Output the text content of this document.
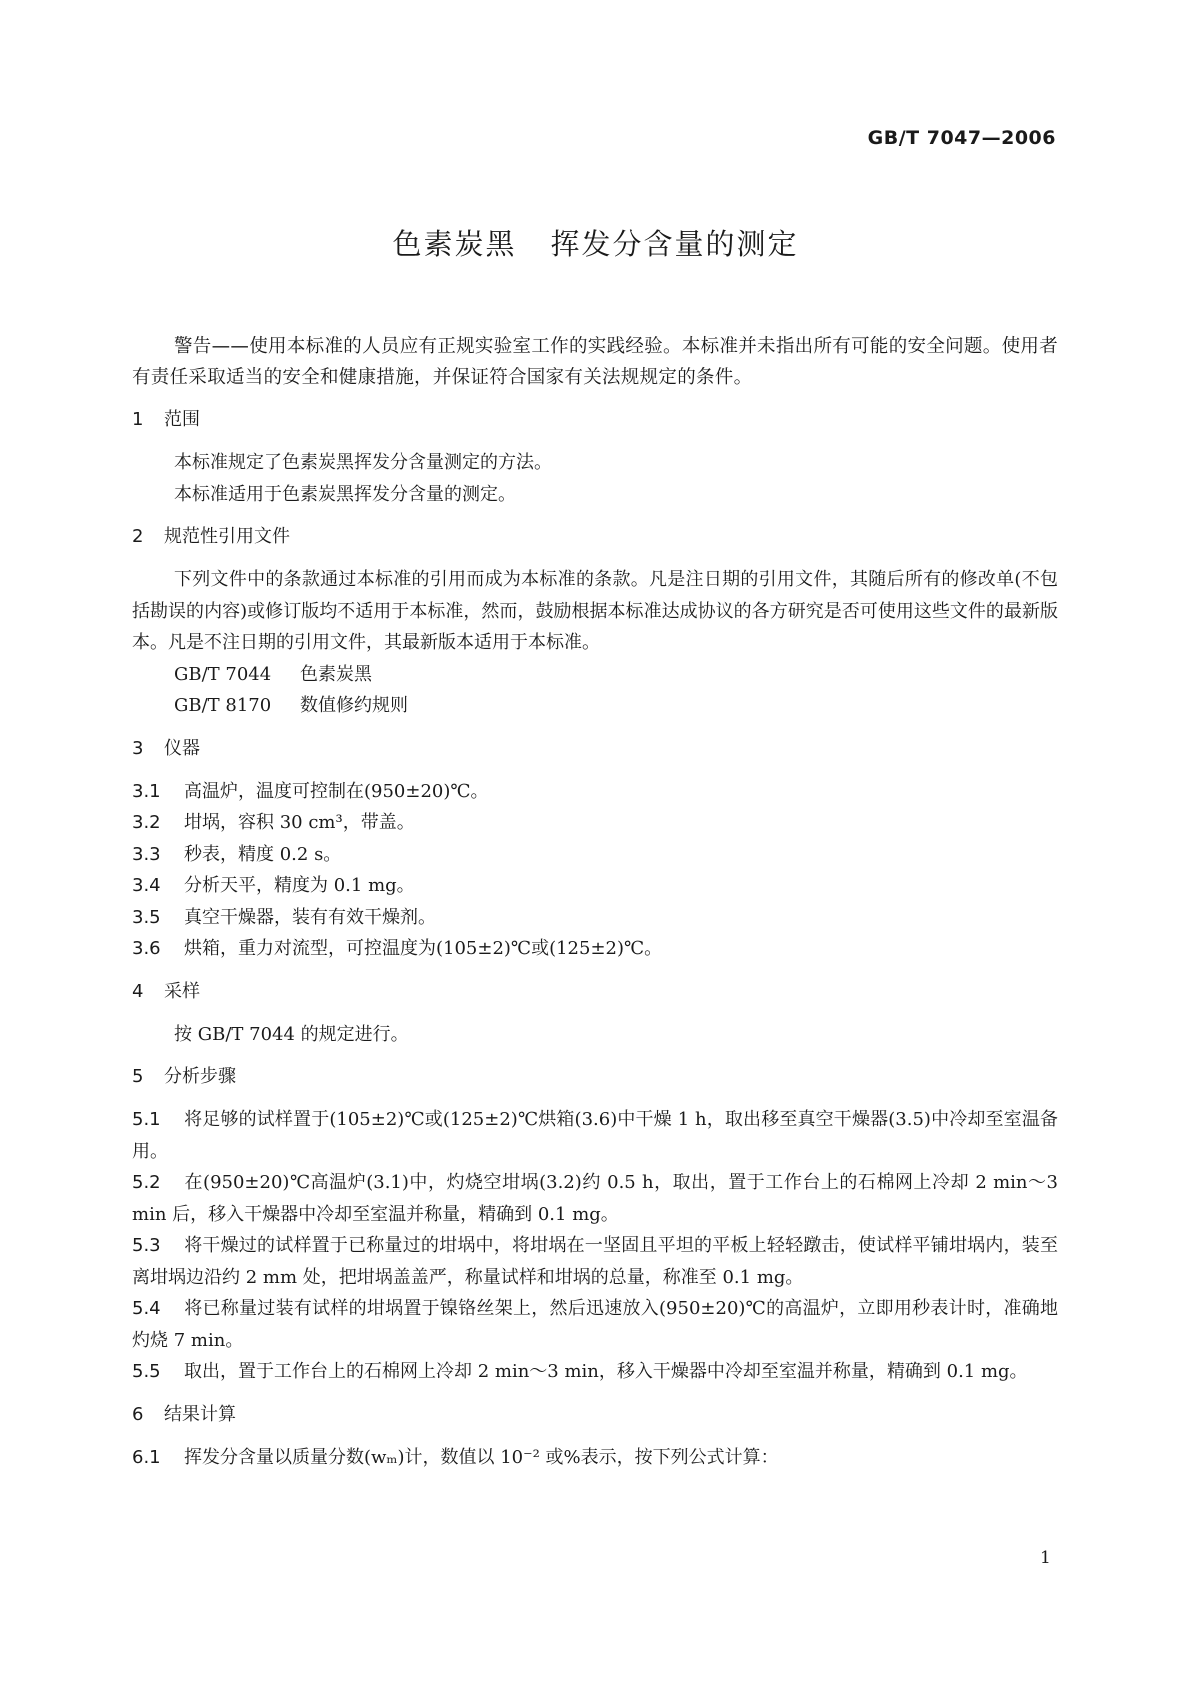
GB/T 7047—2006
色素炭黑 挥发分含量的测定

警告——使用本标准的人员应有正规实验室工作的实践经验。本标准并未指出所有可能的安全问题。使用者有责任采取适当的安全和健康措施，并保证符合国家有关法规规定的条件。

1 范围

本标准规定了色素炭黑挥发分含量测定的方法。

本标准适用于色素炭黑挥发分含量的测定。

2 规范性引用文件

下列文件中的条款通过本标准的引用而成为本标准的条款。凡是注日期的引用文件，其随后所有的修改单(不包括勘误的内容)或修订版均不适用于本标准，然而，鼓励根据本标准达成协议的各方研究是否可使用这些文件的最新版本。凡是不注日期的引用文件，其最新版本适用于本标准。

GB/T 7044 色素炭黑

GB/T 8170 数值修约规则

3 仪器

3.1 高温炉，温度可控制在(950±20)℃。

3.2 坩埚，容积 30 cm³，带盖。

3.3 秒表，精度 0.2 s。

3.4 分析天平，精度为 0.1 mg。

3.5 真空干燥器，装有有效干燥剂。

3.6 烘箱，重力对流型，可控温度为(105±2)℃或(125±2)℃。

4 采样

按 GB/T 7044 的规定进行。

5 分析步骤

5.1 将足够的试样置于(105±2)℃或(125±2)℃烘箱(3.6)中干燥 1 h，取出移至真空干燥器(3.5)中冷却至室温备用。

5.2 在(950±20)℃高温炉(3.1)中，灼烧空坩埚(3.2)约 0.5 h，取出，置于工作台上的石棉网上冷却 2 min～3 min 后，移入干燥器中冷却至室温并称量，精确到 0.1 mg。

5.3 将干燥过的试样置于已称量过的坩埚中，将坩埚在一坚固且平坦的平板上轻轻蹾击，使试样平铺坩埚内，装至离坩埚边沿约 2 mm 处，把坩埚盖盖严，称量试样和坩埚的总量，称准至 0.1 mg。

5.4 将已称量过装有试样的坩埚置于镍铬丝架上，然后迅速放入(950±20)℃的高温炉，立即用秒表计时，准确地灼烧 7 min。

5.5 取出，置于工作台上的石棉网上冷却 2 min～3 min，移入干燥器中冷却至室温并称量，精确到 0.1 mg。

6 结果计算

6.1 挥发分含量以质量分数(wₘ)计，数值以 10⁻² 或%表示，按下列公式计算：

1
